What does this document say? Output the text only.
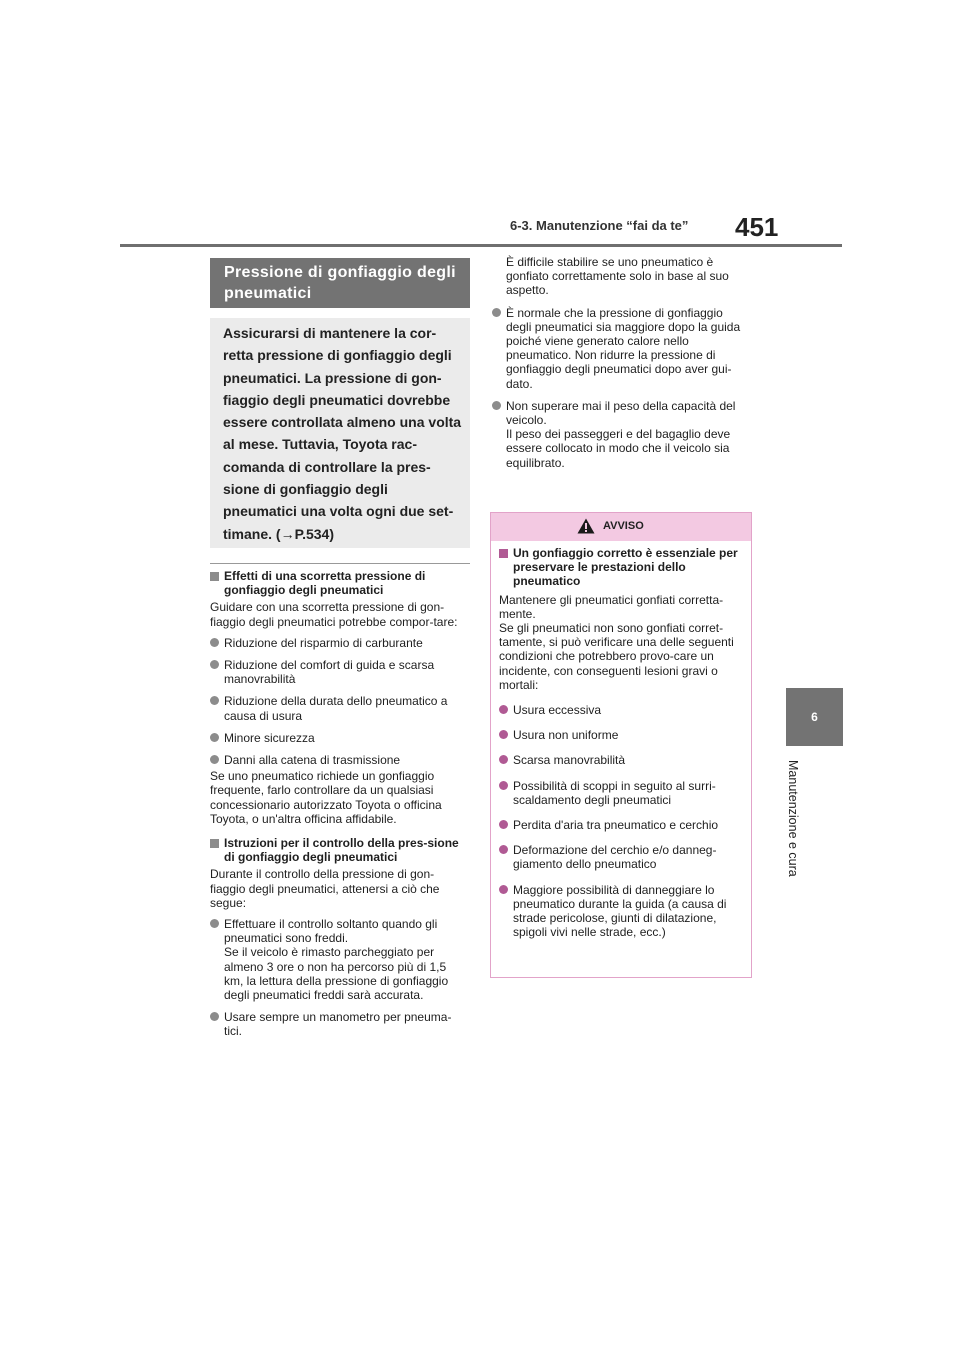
6-3. Manutenzione “fai da te” 451
6
Manutenzione e cura
Pressione di gonfiaggio degli pneumatici
Assicurarsi di mantenere la cor-retta pressione di gonfiaggio degli pneumatici. La pressione di gon-fiaggio degli pneumatici dovrebbe essere controllata almeno una volta al mese. Tuttavia, Toyota rac-comanda di controllare la pres-sione di gonfiaggio degli pneumatici una volta ogni due set-timane. (→P.534)

Effetti di una scorretta pressione di gonfiaggio degli pneumatici

Guidare con una scorretta pressione di gon-fiaggio degli pneumatici potrebbe compor-tare:

Riduzione del risparmio di carburante

Riduzione del comfort di guida e scarsa manovrabilità

Riduzione della durata dello pneumatico a causa di usura

Minore sicurezza

Danni alla catena di trasmissione

Se uno pneumatico richiede un gonfiaggio frequente, farlo controllare da un qualsiasi concessionario autorizzato Toyota o officina Toyota, o un'altra officina affidabile.

Istruzioni per il controllo della pres-sione di gonfiaggio degli pneumatici

Durante il controllo della pressione di gon-fiaggio degli pneumatici, attenersi a ciò che segue:

Effettuare il controllo soltanto quando gli pneumatici sono freddi.

Se il veicolo è rimasto parcheggiato per almeno 3 ore o non ha percorso più di 1,5 km, la lettura della pressione di gonfiaggio degli pneumatici freddi sarà accurata.

Usare sempre un manometro per pneuma-tici.

È difficile stabilire se uno pneumatico è gonfiato correttamente solo in base al suo aspetto.

È normale che la pressione di gonfiaggio degli pneumatici sia maggiore dopo la guida poiché viene generato calore nello pneumatico. Non ridurre la pressione di gonfiaggio degli pneumatici dopo aver gui-dato.

Non superare mai il peso della capacità del veicolo.

Il peso dei passeggeri e del bagaglio deve essere collocato in modo che il veicolo sia equilibrato.

AVVISO

Un gonfiaggio corretto è essenziale per preservare le prestazioni dello pneumatico

Mantenere gli pneumatici gonfiati corretta-mente.

Se gli pneumatici non sono gonfiati corret-tamente, si può verificare una delle seguenti condizioni che potrebbero provo-care un incidente, con conseguenti lesioni gravi o mortali:

Usura eccessiva

Usura non uniforme

Scarsa manovrabilità

Possibilità di scoppi in seguito al surri-scaldamento degli pneumatici

Perdita d'aria tra pneumatico e cerchio

Deformazione del cerchio e/o danneg-giamento dello pneumatico

Maggiore possibilità di danneggiare lo pneumatico durante la guida (a causa di strade pericolose, giunti di dilatazione, spigoli vivi nelle strade, ecc.)
